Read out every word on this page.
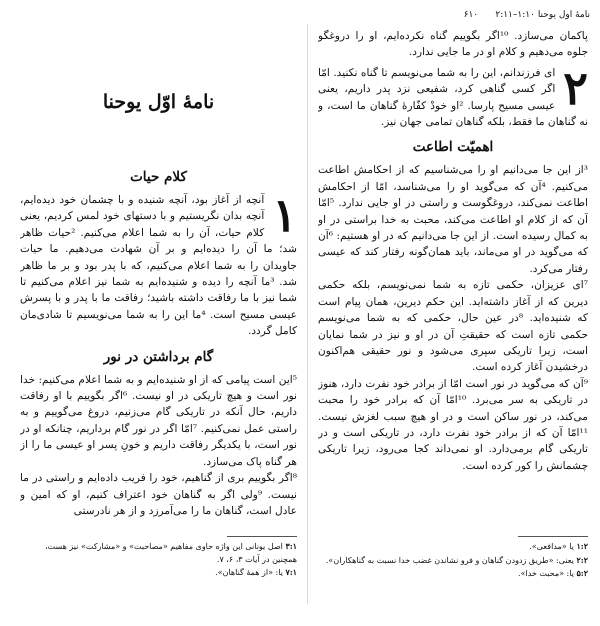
نامهٔ اول یوحنا ۱:۱۰–۲:۱۱      ۶۱۰

پاکمان می‌سازد. ¹⁰اگر بگوییم گناه نکرده‌ایم، او را دروغگو جلوه می‌دهیم و کلام او در ما جایی ندارد.

۲

ای فرزندانم، این را به شما می‌نویسم تا گناه نکنید. امّا اگر کسی گناهی کرد، شفیعی نزد پدر داریم، یعنی عیسی مسیح پارسا. ²او خودْ کفّارهٔ گناهان ما است، و نه گناهان ما فقط، بلکه گناهان تمامی جهان نیز.

اهمیّت اطاعت

³از این جا می‌دانیم او را می‌شناسیم که از احکامش اطاعت می‌کنیم. ⁴آن که می‌گوید او را می‌شناسد، امّا از احکامش اطاعت نمی‌کند، دروغگوست و راستی در او جایی ندارد. ⁵امّا آن که از کلام او اطاعت می‌کند، محبت به خدا براستی در او به کمال رسیده است. از این جا می‌دانیم که در او هستیم: ⁶آن که می‌گوید در او می‌ماند، باید همان‌گونه رفتار کند که عیسی رفتار می‌کرد.

⁷ای عزیزان، حکمی تازه به شما نمی‌نویسم، بلکه حکمی دیرین که از آغاز داشته‌اید. این حکم دیرین، همان پیام است که شنیده‌اید. ⁸در عین حال، حکمی که به شما می‌نویسم حکمی تازه است که حقیقتِ آن در او و نیز در شما نمایان است، زیرا تاریکی سپری می‌شود و نور حقیقی هم‌اکنون درخشیدن آغاز کرده است.

⁹آن که می‌گوید در نور است امّا از برادر خود نفرت دارد، هنوز در تاریکی به سر می‌برد. ¹⁰امّا آن که برادر خود را محبت می‌کند، در نور ساکن است و در او هیچ سبب لغزش نیست. ¹¹امّا آن که از برادر خود نفرت دارد، در تاریکی است و در تاریکی گام برمی‌دارد. او نمی‌داند کجا می‌رود، زیرا تاریکی چشمانش را کور کرده است.

۱:۲ یا «مدافعی».
۲:۲ یعنی: «طریق زدودن گناهان و فرو نشاندن غضب خدا نسبت به گناهکاران».
۵:۲ یا: «محبت خدا».
نامهٔ اوّل یوحنا
کلام حیات
۱

آنچه از آغاز بود، آنچه شنیده و با چشمان خود دیده‌ایم، آنچه بدان نگریستیم و با دستهای خود لمس کردیم، یعنی کلام حیات، آن را به شما اعلام می‌کنیم. ²حیات ظاهر شد؛ ما آن را دیده‌ایم و بر آن شهادت می‌دهیم. ما حیات جاویدان را به شما اعلام می‌کنیم، که با پدر بود و بر ما ظاهر شد. ³ما آنچه را دیده و شنیده‌ایم به شما نیز اعلام می‌کنیم تا شما نیز با ما رفاقت داشته باشید؛ رفاقت ما با پدر و با پسرش عیسی مسیح است. ⁴ما این را به شما می‌نویسیم تا شادی‌مان کامل گردد.

گام برداشتن در نور

⁵این است پیامی که از او شنیده‌ایم و به شما اعلام می‌کنیم: خدا نور است و هیچ تاریکی در او نیست. ⁶اگر بگوییم با او رفاقت داریم، حال آنکه در تاریکی گام می‌زنیم، دروغ می‌گوییم و به راستی عمل نمی‌کنیم. ⁷امّا اگر در نور گام برداریم، چنانکه او در نور است، با یکدیگر رفاقت داریم و خونِ پسر او عیسی ما را از هر گناه پاک می‌سازد.

⁸اگر بگوییم بری از گناهیم، خود را فریب داده‌ایم و راستی در ما نیست. ⁹ولی اگر به گناهان خود اعتراف کنیم، او که امین و عادل است، گناهان ما را می‌آمرزد و از هر نادرستی

۳:۱ اصل یونانی این واژه حاوی مفاهیم «مصاحبت» و «مشارکت» نیز هست، همچنین در آیات ۳، ۶، ۷.
۷:۱ یا: «از همهٔ گناهان».
